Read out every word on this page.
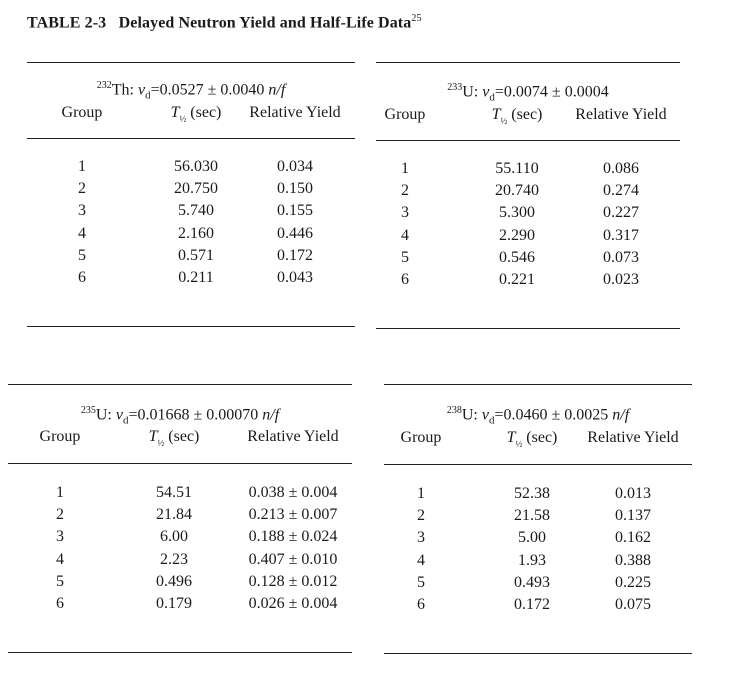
TABLE 2-3 Delayed Neutron Yield and Half-Life Data$^{25}$
$^{232}$Th: $\nu_d=0.0527 \pm 0.0040$ n/f
Group	$T_{\frac{1}{2}}$ (sec)	Relative Yield
1	56.030	0.034
2	20.750	0.150
3	5.740	0.155
4	2.160	0.446
5	0.571	0.172
6	0.211	0.043
$^{233}$U: $\nu_d=0.0074 \pm 0.0004$
Group	$T_{\frac{1}{2}}$ (sec)	Relative Yield
1	55.110	0.086
2	20.740	0.274
3	5.300	0.227
4	2.290	0.317
5	0.546	0.073
6	0.221	0.023
$^{235}$U: $\nu_d=0.01668 \pm 0.00070$ n/f
Group	$T_{\frac{1}{2}}$ (sec)	Relative Yield
1	54.51	0.038 ± 0.004
2	21.84	0.213 ± 0.007
3	6.00	0.188 ± 0.024
4	2.23	0.407 ± 0.010
5	0.496	0.128 ± 0.012
6	0.179	0.026 ± 0.004
$^{238}$U: $\nu_d=0.0460 \pm 0.0025$ n/f
Group	$T_{\frac{1}{2}}$ (sec)	Relative Yield
1	52.38	0.013
2	21.58	0.137
3	5.00	0.162
4	1.93	0.388
5	0.493	0.225
6	0.172	0.075
